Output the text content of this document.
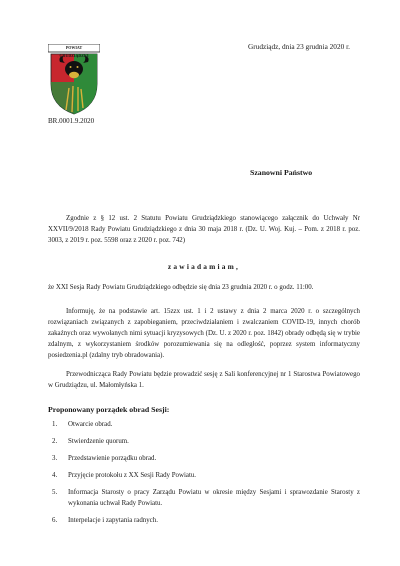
Grudziądz, dnia 23 grudnia 2020 r.
POWIAT GRUDZIĄDZKI
BR.0001.9.2020
Szanowni Państwo
Zgodnie z § 12 ust. 2 Statutu Powiatu Grudziądzkiego stanowiącego załącznik do Uchwały Nr XXVII/9/2018 Rady Powiatu Grudziądzkiego z dnia 30 maja 2018 r. (Dz. U. Woj. Kuj. – Pom. z 2018 r. poz. 3003, z 2019 r. poz. 5598 oraz z 2020 r. poz. 742)
zawiadamiam,
że XXI Sesja Rady Powiatu Grudziądzkiego odbędzie się dnia 23 grudnia 2020 r. o godz. 11:00.
Informuję, że na podstawie art. 15zzx ust. 1 i 2 ustawy z dnia 2 marca 2020 r. o szczególnych rozwiązaniach związanych z zapobieganiem, przeciwdziałaniem i zwalczaniem COVID-19, innych chorób zakaźnych oraz wywołanych nimi sytuacji kryzysowych (Dz. U. z 2020 r. poz. 1842) obrady odbędą się w trybie zdalnym, z wykorzystaniem środków porozumiewania się na odległość, poprzez system informatyczny posiedzenia.pl (zdalny tryb obradowania).
Przewodnicząca Rady Powiatu będzie prowadzić sesję z Sali konferencyjnej nr 1 Starostwa Powiatowego w Grudziądzu, ul. Małomłyńska 1.
Proponowany porządek obrad Sesji:
1. Otwarcie obrad.
2. Stwierdzenie quorum.
3. Przedstawienie porządku obrad.
4. Przyjęcie protokołu z XX Sesji Rady Powiatu.
5. Informacja Starosty o pracy Zarządu Powiatu w okresie między Sesjami i sprawozdanie Starosty z wykonania uchwał Rady Powiatu.
6. Interpelacje i zapytania radnych.
